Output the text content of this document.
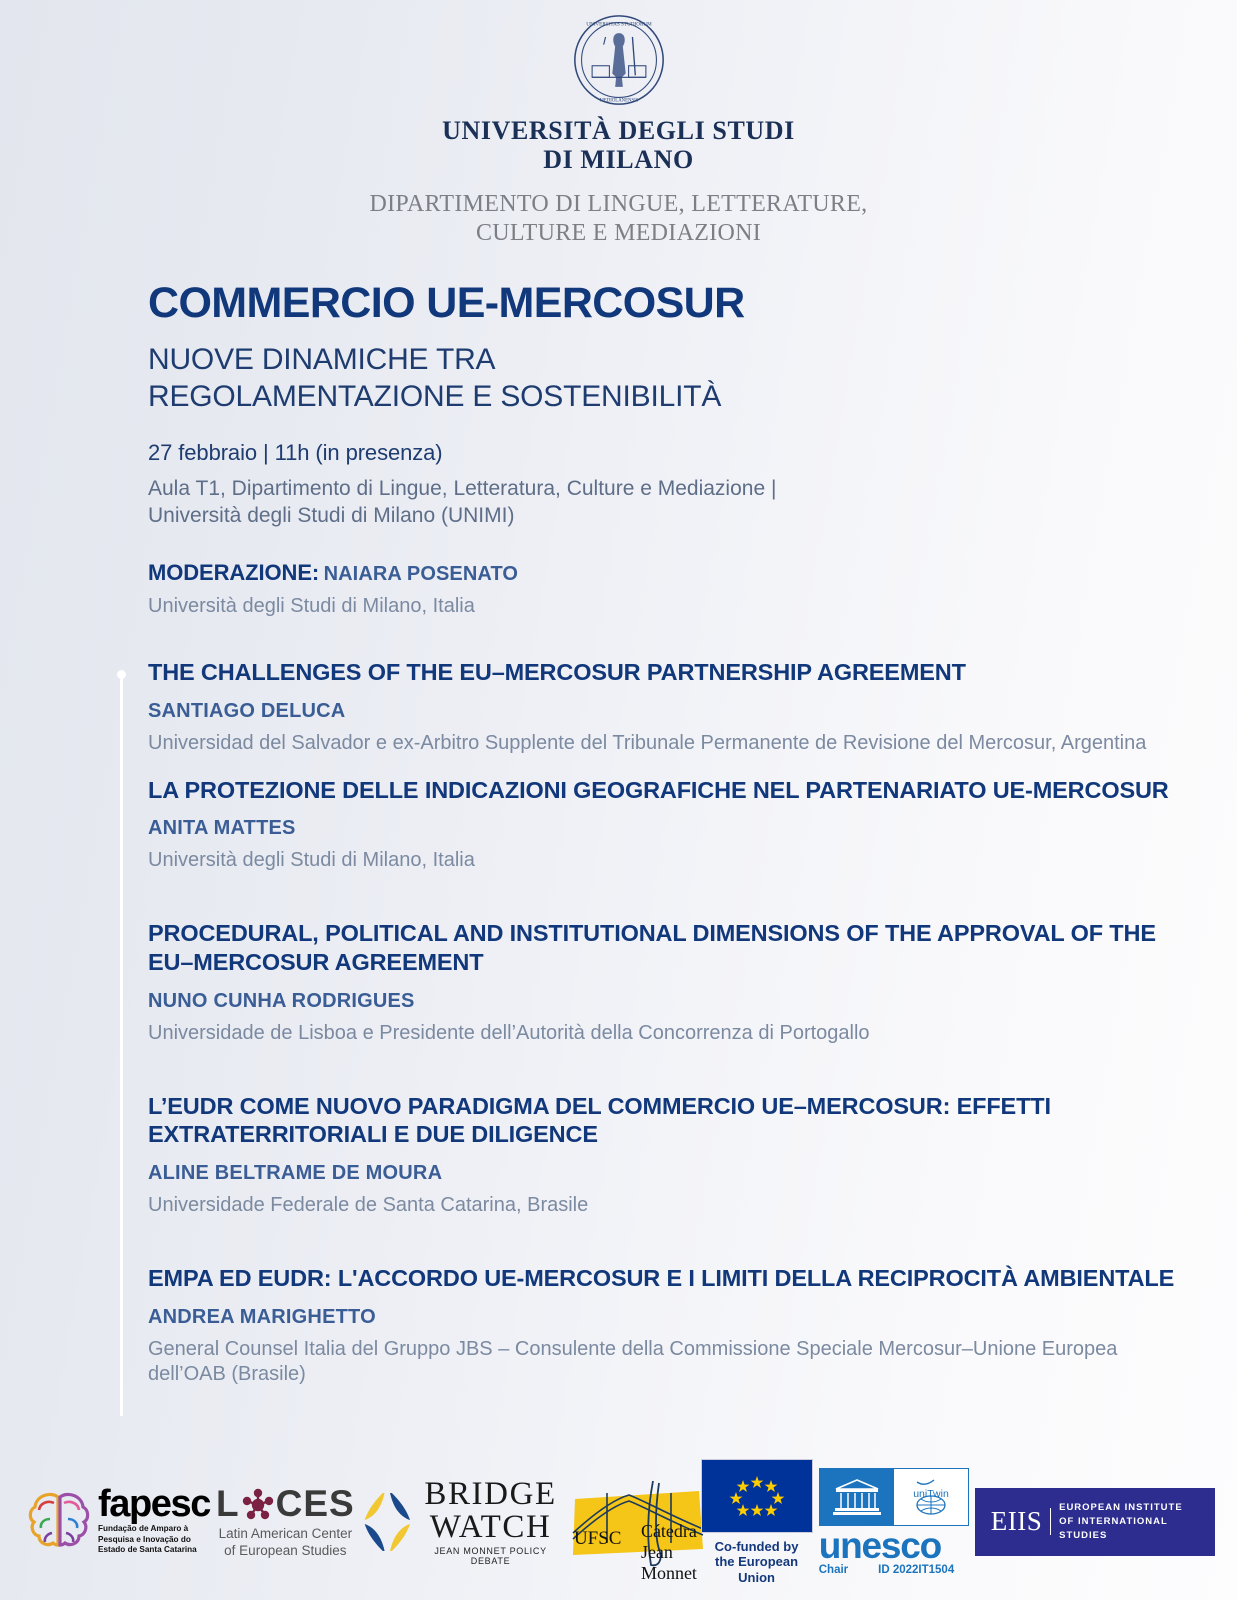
UNIVERSITAS STUDIORUM
MEDIOLANENSIS
UNIVERSITÀ DEGLI STUDI
DI MILANO
DIPARTIMENTO DI LINGUE, LETTERATURE,
CULTURE E MEDIAZIONI
COMMERCIO UE-MERCOSUR
NUOVE DINAMICHE TRA
REGOLAMENTAZIONE E SOSTENIBILITÀ
27 febbraio | 11h (in presenza)
Aula T1, Dipartimento di Lingue, Letteratura, Culture e Mediazione |
Università degli Studi di Milano (UNIMI)
MODERAZIONE: NAIARA POSENATO
Università degli Studi di Milano, Italia
THE CHALLENGES OF THE EU–MERCOSUR PARTNERSHIP AGREEMENT
SANTIAGO DELUCA
Universidad del Salvador e ex-Arbitro Supplente del Tribunale Permanente de Revisione del Mercosur, Argentina
LA PROTEZIONE DELLE INDICAZIONI GEOGRAFICHE NEL PARTENARIATO UE-MERCOSUR
ANITA MATTES
Università degli Studi di Milano, Italia
PROCEDURAL, POLITICAL AND INSTITUTIONAL DIMENSIONS OF THE APPROVAL OF THE EU–MERCOSUR AGREEMENT
NUNO CUNHA RODRIGUES
Universidade de Lisboa e Presidente dell’Autorità della Concorrenza di Portogallo
L’EUDR COME NUOVO PARADIGMA DEL COMMERCIO UE–MERCOSUR: EFFETTI EXTRATERRITORIALI E DUE DILIGENCE
ALINE BELTRAME DE MOURA
Universidade Federale de Santa Catarina, Brasile
EMPA ED EUDR: L'ACCORDO UE-MERCOSUR E I LIMITI DELLA RECIPROCITÀ AMBIENTALE
ANDREA MARIGHETTO
General Counsel Italia del Gruppo JBS – Consulente della Commissione Speciale Mercosur–Unione Europea dell’OAB (Brasile)
fapesc
Fundação de Amparo à
Pesquisa e Inovação do
Estado de Santa Catarina
L CES
Latin American Center
of European Studies
BRIDGE
WATCH
JEAN MONNET POLICY DEBATE
UFSC Cátedra
Jean
Monnet
Co-funded by
the European Union
uniTwin
unesco
Chair	ID 2022IT1504
EIIS EUROPEAN INSTITUTE
OF INTERNATIONAL STUDIES
